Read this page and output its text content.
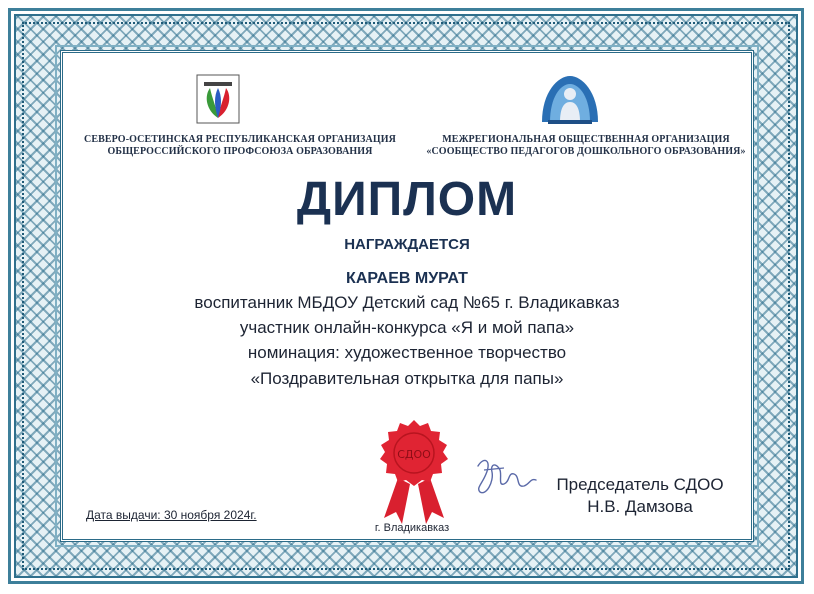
СЕВЕРО-ОСЕТИНСКАЯ РЕСПУБЛИКАНСКАЯ ОРГАНИЗАЦИЯ
ОБЩЕРОССИЙСКОГО ПРОФСОЮЗА ОБРАЗОВАНИЯ
МЕЖРЕГИОНАЛЬНАЯ ОБЩЕСТВЕННАЯ ОРГАНИЗАЦИЯ
«СООБЩЕСТВО ПЕДАГОГОВ ДОШКОЛЬНОГО ОБРАЗОВАНИЯ»
ДИПЛОМ
НАГРАЖДАЕТСЯ
КАРАЕВ МУРАТ
воспитанник МБДОУ Детский сад №65 г. Владикавказ
участник онлайн-конкурса «Я и мой папа»
номинация: художественное творчество
«Поздравительная открытка для папы»
СДОО
Председатель СДОО
Н.В. Дамзова
Дата выдачи: 30 ноября 2024г.
г. Владикавказ
